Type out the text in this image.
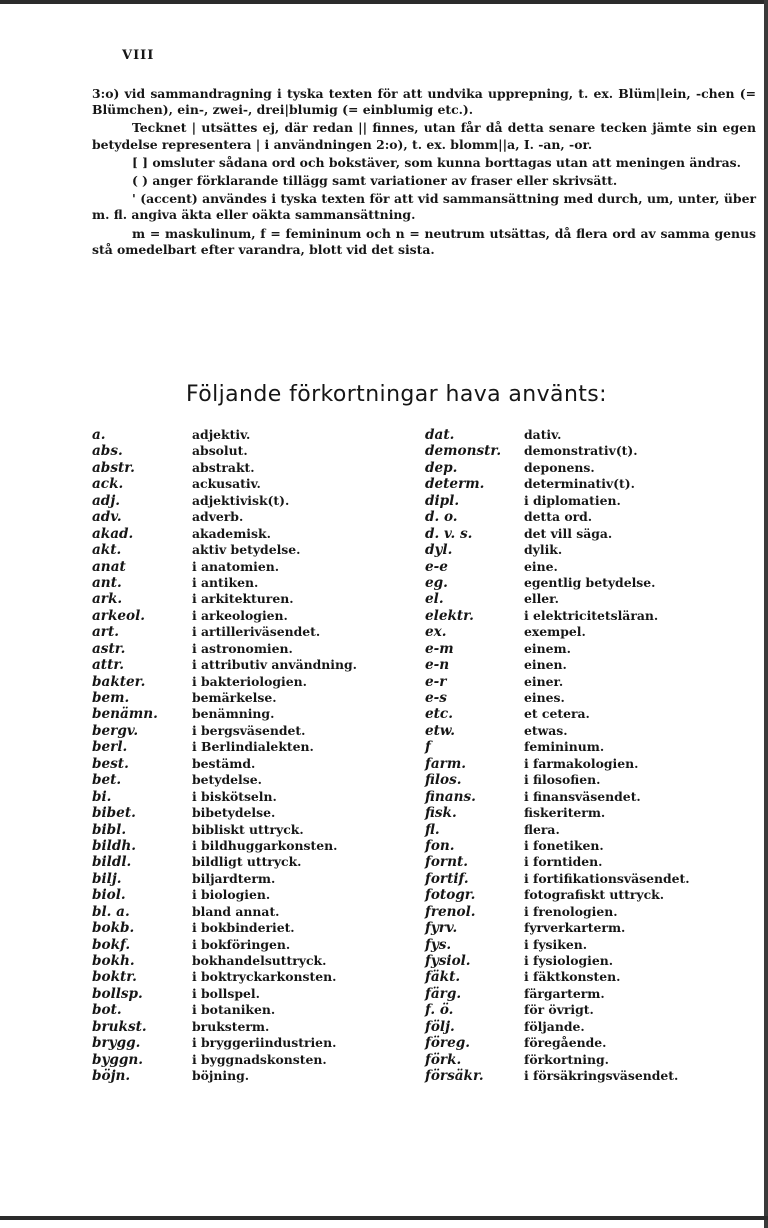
VIII

3:o) vid sammandragning i tyska texten för att undvika upprepning, t. ex. Blüm|lein, -chen (= Blümchen), ein-, zwei-, drei|blumig (= einblumig etc.).

Tecknet | utsättes ej, där redan || finnes, utan får då detta senare tecken jämte sin egen betydelse representera | i användningen 2:o), t. ex. blomm||a, I. -an, -or.

[ ] omsluter sådana ord och bokstäver, som kunna borttagas utan att meningen ändras.

( ) anger förklarande tillägg samt variationer av fraser eller skrivsätt.

' (accent) användes i tyska texten för att vid sammansättning med durch, um, unter, über m. fl. angiva äkta eller oäkta sammansättning.

m = maskulinum, f = femininum och n = neutrum utsättas, då flera ord av samma genus stå omedelbart efter varandra, blott vid det sista.

Följande förkortningar hava använts:
a.
abs.
abstr.
ack.
adj.
adv.
akad.
akt.
anat
ant.
ark.
arkeol.
art.
astr.
attr.
bakter.
bem.
benämn.
bergv.
berl.
best.
bet.
bi.
bibet.
bibl.
bildh.
bildl.
bilj.
biol.
bl. a.
bokb.
bokf.
bokh.
boktr.
bollsp.
bot.
brukst.
brygg.
byggn.
böjn.
adjektiv.
absolut.
abstrakt.
ackusativ.
adjektivisk(t).
adverb.
akademisk.
aktiv betydelse.
i anatomien.
i antiken.
i arkitekturen.
i arkeologien.
i artilleriväsendet.
i astronomien.
i attributiv användning.
i bakteriologien.
bemärkelse.
benämning.
i bergsväsendet.
i Berlindialekten.
bestämd.
betydelse.
i biskötseln.
bibetydelse.
bibliskt uttryck.
i bildhuggarkonsten.
bildligt uttryck.
biljardterm.
i biologien.
bland annat.
i bokbinderiet.
i bokföringen.
bokhandelsuttryck.
i boktryckarkonsten.
i bollspel.
i botaniken.
bruksterm.
i bryggeriindustrien.
i byggnadskonsten.
böjning.
dat.
demonstr.
dep.
determ.
dipl.
d. o.
d. v. s.
dyl.
e-e
eg.
el.
elektr.
ex.
e-m
e-n
e-r
e-s
etc.
etw.
f
farm.
filos.
finans.
fisk.
fl.
fon.
fornt.
fortif.
fotogr.
frenol.
fyrv.
fys.
fysiol.
fäkt.
färg.
f. ö.
följ.
föreg.
förk.
försäkr.
dativ.
demonstrativ(t).
deponens.
determinativ(t).
i diplomatien.
detta ord.
det vill säga.
dylik.
eine.
egentlig betydelse.
eller.
i elektricitetsläran.
exempel.
einem.
einen.
einer.
eines.
et cetera.
etwas.
femininum.
i farmakologien.
i filosofien.
i finansväsendet.
fiskeriterm.
flera.
i fonetiken.
i forntiden.
i fortifikationsväsendet.
fotografiskt uttryck.
i frenologien.
fyrverkarterm.
i fysiken.
i fysiologien.
i fäktkonsten.
färgarterm.
för övrigt.
följande.
föregående.
förkortning.
i försäkringsväsendet.
